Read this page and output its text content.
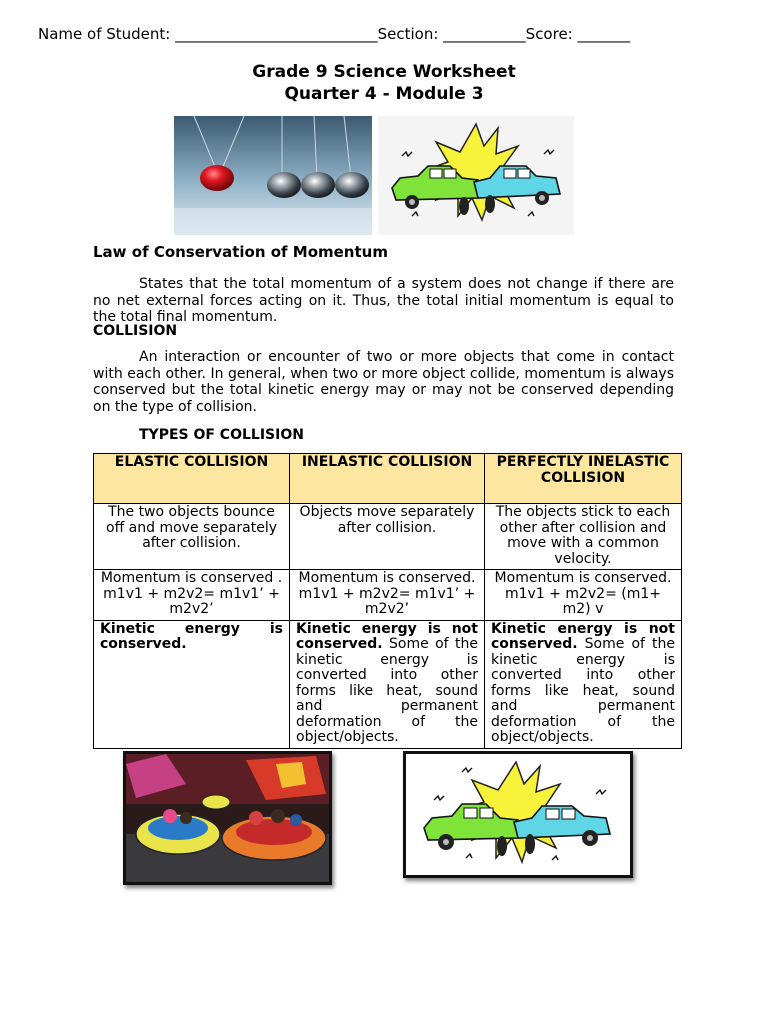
Name of Student: ___________________________Section: ___________Score: _______
Grade 9 Science Worksheet
Quarter 4 - Module 3
Law of Conservation of Momentum
States that the total momentum of a system does not change if there are no net external forces acting on it. Thus, the total initial momentum is equal to the total final momentum.
COLLISION
An interaction or encounter of two or more objects that come in contact with each other. In general, when two or more object collide, momentum is always conserved but the total kinetic energy may or may not be conserved depending on the type of collision.
TYPES OF COLLISION
ELASTIC COLLISION	INELASTIC COLLISION	PERFECTLY INELASTIC COLLISION
The two objects bounce off and move separately after collision.	Objects move separately after collision.	The objects stick to each other after collision and move with a common velocity.
Momentum is conserved . m1v1 + m2v2= m1v1’ + m2v2’	Momentum is conserved. m1v1 + m2v2= m1v1’ + m2v2’	Momentum is conserved. m1v1 + m2v2= (m1+ m2) v
Kinetic energy is conserved.	Kinetic energy is not conserved. Some of the kinetic energy is converted into other forms like heat, sound and permanent deformation of the object/objects.	Kinetic energy is not conserved. Some of the kinetic energy is converted into other forms like heat, sound and permanent deformation of the object/objects.
